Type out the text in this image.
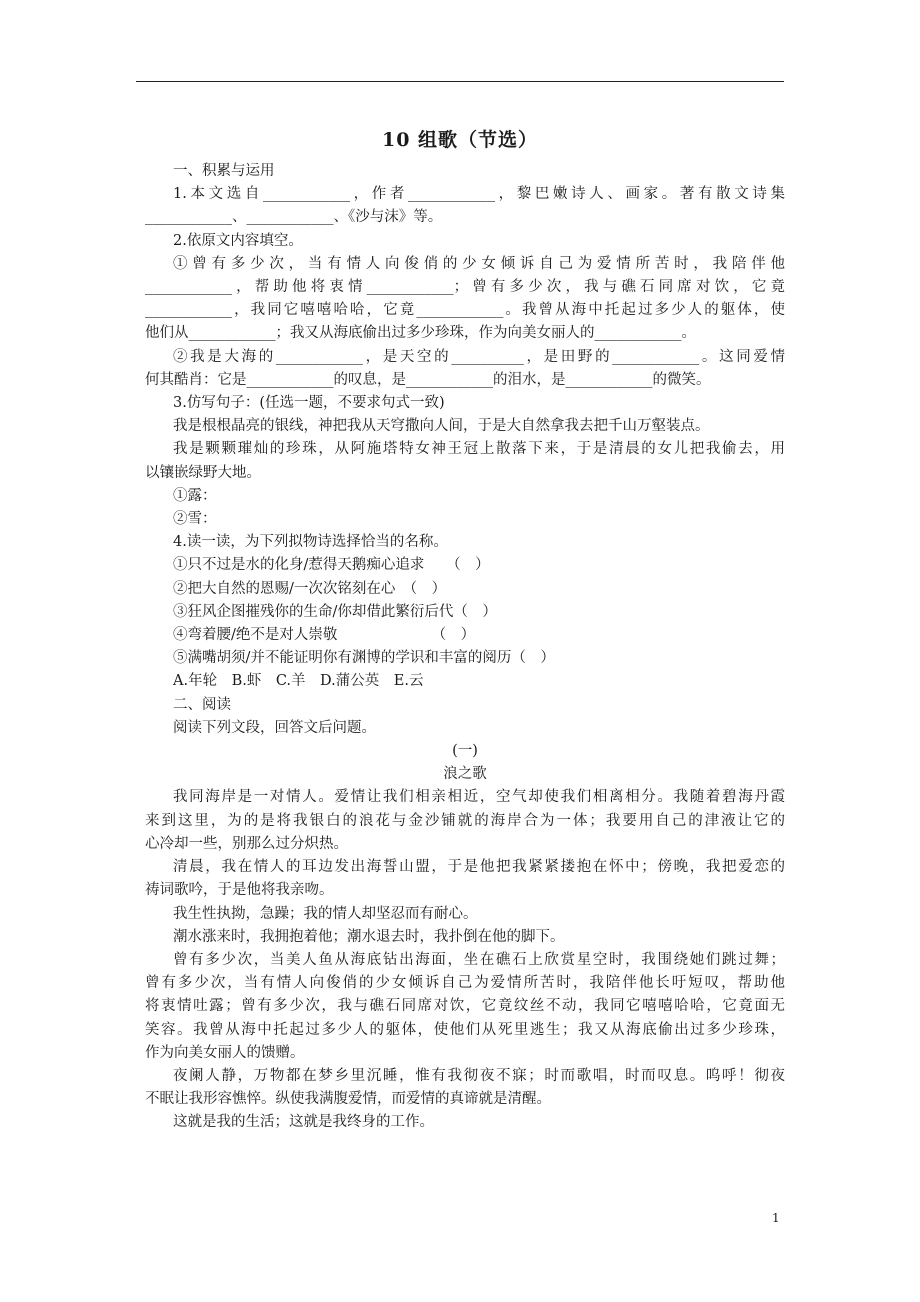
10 组歌（节选）
一、积累与运用
1.本文选自____________，作者____________，黎巴嫩诗人、画家。著有散文诗集
____________、____________、《沙与沫》等。
2.依原文内容填空。
①曾有多少次，当有情人向俊俏的少女倾诉自己为爱情所苦时，我陪伴他
____________，帮助他将衷情____________；曾有多少次，我与礁石同席对饮，它竟
____________，我同它嘻嘻哈哈，它竟____________。我曾从海中托起过多少人的躯体，使
他们从____________；我又从海底偷出过多少珍珠，作为向美女丽人的____________。
②我是大海的____________，是天空的__________，是田野的____________。这同爱情
何其酷肖：它是____________的叹息，是____________的泪水，是____________的微笑。
3.仿写句子：(任选一题，不要求句式一致)
我是根根晶亮的银线，神把我从天穹撒向人间，于是大自然拿我去把千山万壑装点。
我是颗颗璀灿的珍珠，从阿施塔特女神王冠上散落下来，于是清晨的女儿把我偷去，用
以镶嵌绿野大地。
①露：
②雪：
4.读一读，为下列拟物诗选择恰当的名称。
①只不过是水的化身/惹得天鹅痴心追求　　（　）
②把大自然的恩赐/一次次铭刻在心　（　）
③狂风企图摧残你的生命/你却借此繁衍后代（　）
④弯着腰/绝不是对人崇敬　　　　　　　（　）
⑤满嘴胡须/并不能证明你有渊博的学识和丰富的阅历（　）
A.年轮　B.虾　C.羊　D.蒲公英　E.云
二、阅读
阅读下列文段，回答文后问题。
(一)
浪之歌
我同海岸是一对情人。爱情让我们相亲相近，空气却使我们相离相分。我随着碧海丹霞
来到这里，为的是将我银白的浪花与金沙铺就的海岸合为一体；我要用自己的津液让它的
心冷却一些，别那么过分炽热。
清晨，我在情人的耳边发出海誓山盟，于是他把我紧紧搂抱在怀中；傍晚，我把爱恋的
祷词歌吟，于是他将我亲吻。
我生性执拗，急躁；我的情人却坚忍而有耐心。
潮水涨来时，我拥抱着他；潮水退去时，我扑倒在他的脚下。
曾有多少次，当美人鱼从海底钻出海面，坐在礁石上欣赏星空时，我围绕她们跳过舞；
曾有多少次，当有情人向俊俏的少女倾诉自己为爱情所苦时，我陪伴他长吁短叹，帮助他
将衷情吐露；曾有多少次，我与礁石同席对饮，它竟纹丝不动，我同它嘻嘻哈哈，它竟面无
笑容。我曾从海中托起过多少人的躯体，使他们从死里逃生；我又从海底偷出过多少珍珠，
作为向美女丽人的馈赠。
夜阑人静，万物都在梦乡里沉睡，惟有我彻夜不寐；时而歌唱，时而叹息。呜呼！彻夜
不眠让我形容憔悴。纵使我满腹爱情，而爱情的真谛就是清醒。
这就是我的生活；这就是我终身的工作。
1
